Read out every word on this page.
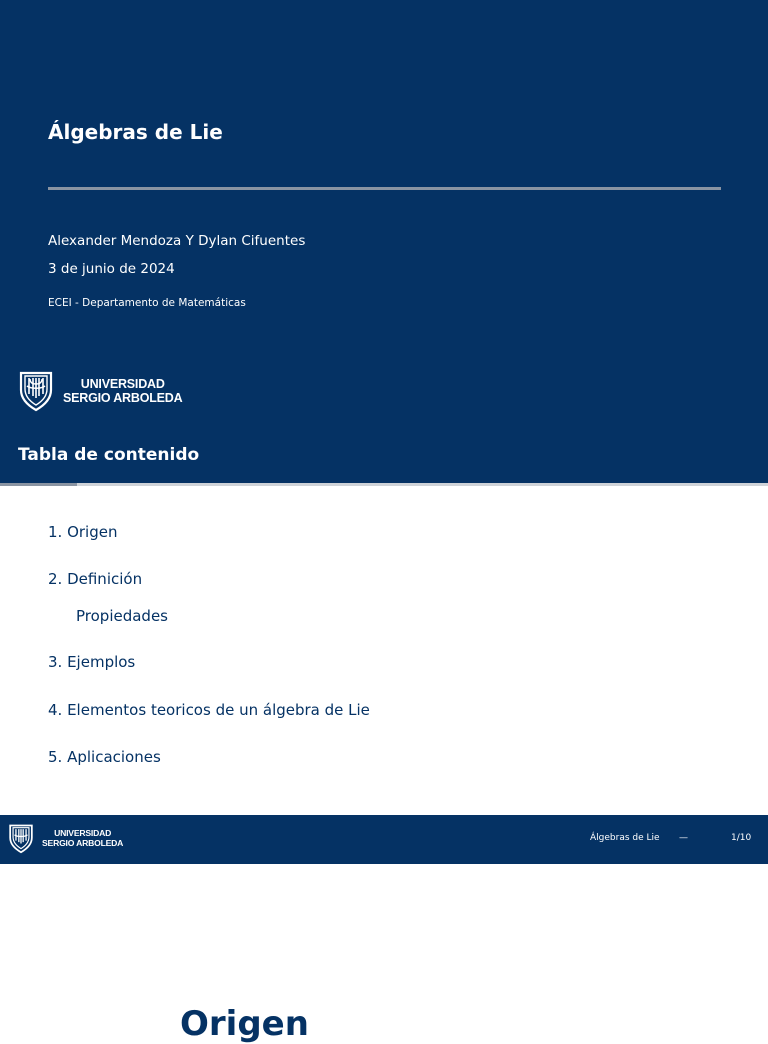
Álgebras de Lie
Alexander Mendoza Y Dylan Cifuentes
3 de junio de 2024
ECEI - Departamento de Matemáticas
UNIVERSIDAD
SERGIO ARBOLEDA
Tabla de contenido
1. Origen
2. Definición
Propiedades
3. Ejemplos
4. Elementos teoricos de un álgebra de Lie
5. Aplicaciones
UNIVERSIDAD
SERGIO ARBOLEDA	Álgebras de Lie —	1/10
Origen
